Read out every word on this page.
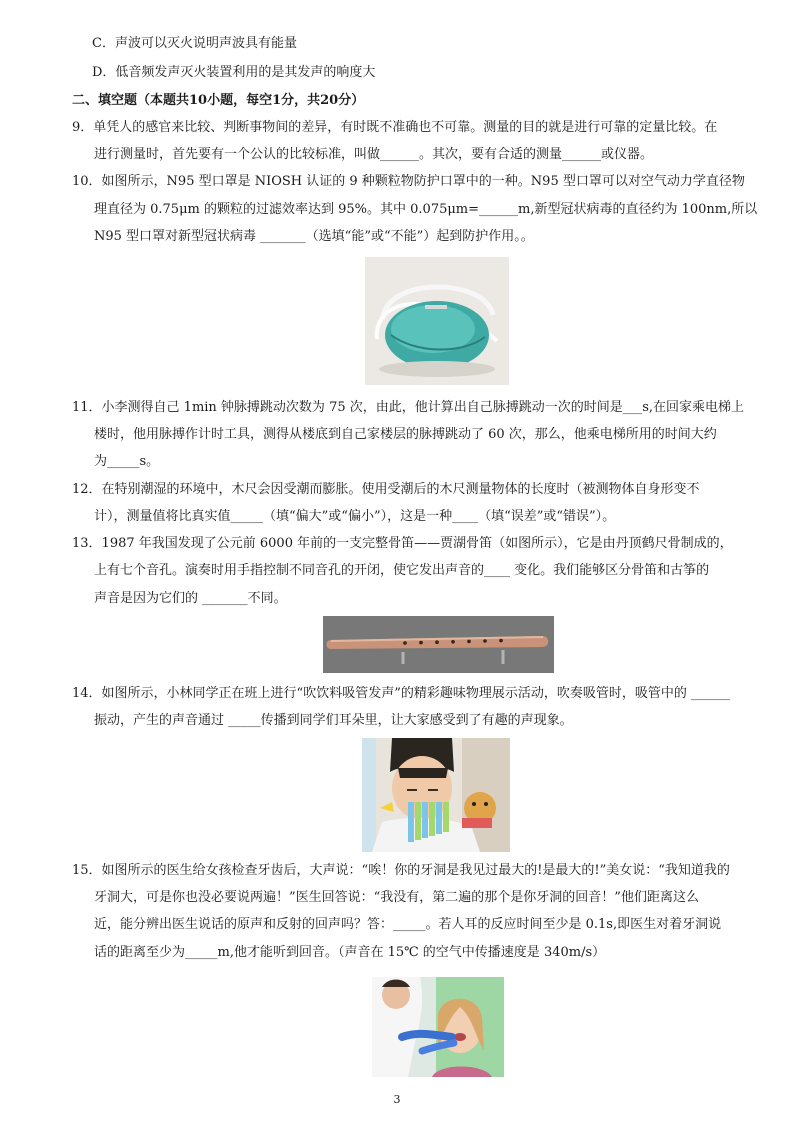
C．声波可以灭火说明声波具有能量
D．低音频发声灭火装置利用的是其发声的响度大
二、填空题（本题共10小题，每空1分，共20分）
9．单凭人的感官来比较、判断事物间的差异，有时既不准确也不可靠。测量的目的就是进行可靠的定量比较。在
进行测量时，首先要有一个公认的比较标准，叫做______。其次，要有合适的测量______或仪器。
10．如图所示，N95 型口罩是 NIOSH 认证的 9 种颗粒物防护口罩中的一种。N95 型口罩可以对空气动力学直径物
理直径为 0.75μm 的颗粒的过滤效率达到 95%。其中 0.075μm=______m,新型冠状病毒的直径约为 100nm,所以
N95 型口罩对新型冠状病毒 _______（选填“能”或“不能”）起到防护作用。。
11．小李测得自己 1min 钟脉搏跳动次数为 75 次，由此，他计算出自己脉搏跳动一次的时间是___s,在回家乘电梯上
楼时，他用脉搏作计时工具，测得从楼底到自己家楼层的脉搏跳动了 60 次，那么，他乘电梯所用的时间大约
为_____s。
12．在特别潮湿的环境中，木尺会因受潮而膨胀。使用受潮后的木尺测量物体的长度时（被测物体自身形变不
计），测量值将比真实值_____（填“偏大”或“偏小”），这是一种____（填“误差”或“错误”）。
13．1987 年我国发现了公元前 6000 年前的一支完整骨笛——贾湖骨笛（如图所示），它是由丹顶鹤尺骨制成的，
上有七个音孔。演奏时用手指控制不同音孔的开闭，使它发出声音的____ 变化。我们能够区分骨笛和古筝的
声音是因为它们的 _______不同。
14．如图所示，小林同学正在班上进行“吹饮料吸管发声”的精彩趣味物理展示活动，吹奏吸管时，吸管中的 ______
振动，产生的声音通过 _____传播到同学们耳朵里，让大家感受到了有趣的声现象。
15．如图所示的医生给女孩检查牙齿后，大声说：“唉！你的牙洞是我见过最大的!是最大的!”美女说：“我知道我的
牙洞大，可是你也没必要说两遍！”医生回答说：“我没有，第二遍的那个是你牙洞的回音！”他们距离这么
近，能分辨出医生说话的原声和反射的回声吗？答：_____。若人耳的反应时间至少是 0.1s,即医生对着牙洞说
话的距离至少为_____m,他才能听到回音。（声音在 15℃ 的空气中传播速度是 340m/s）
3
